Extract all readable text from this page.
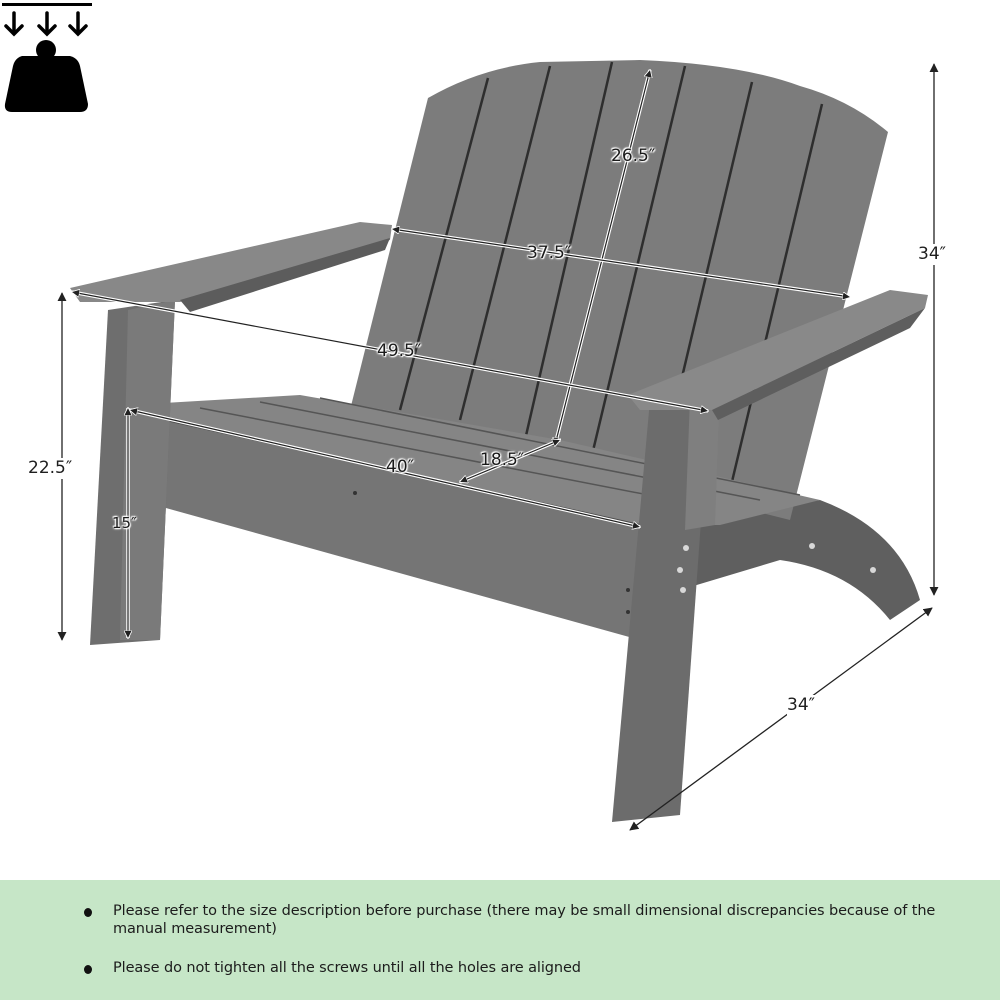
660
lbs
26.5″
37.5″
49.5″
40″	18.5″
15″
22.5″
34″
34″
Please refer to the size description before purchase (there may be small dimensional discrepancies because of the manual measurement)
Please do not tighten all the screws until all the holes are aligned
